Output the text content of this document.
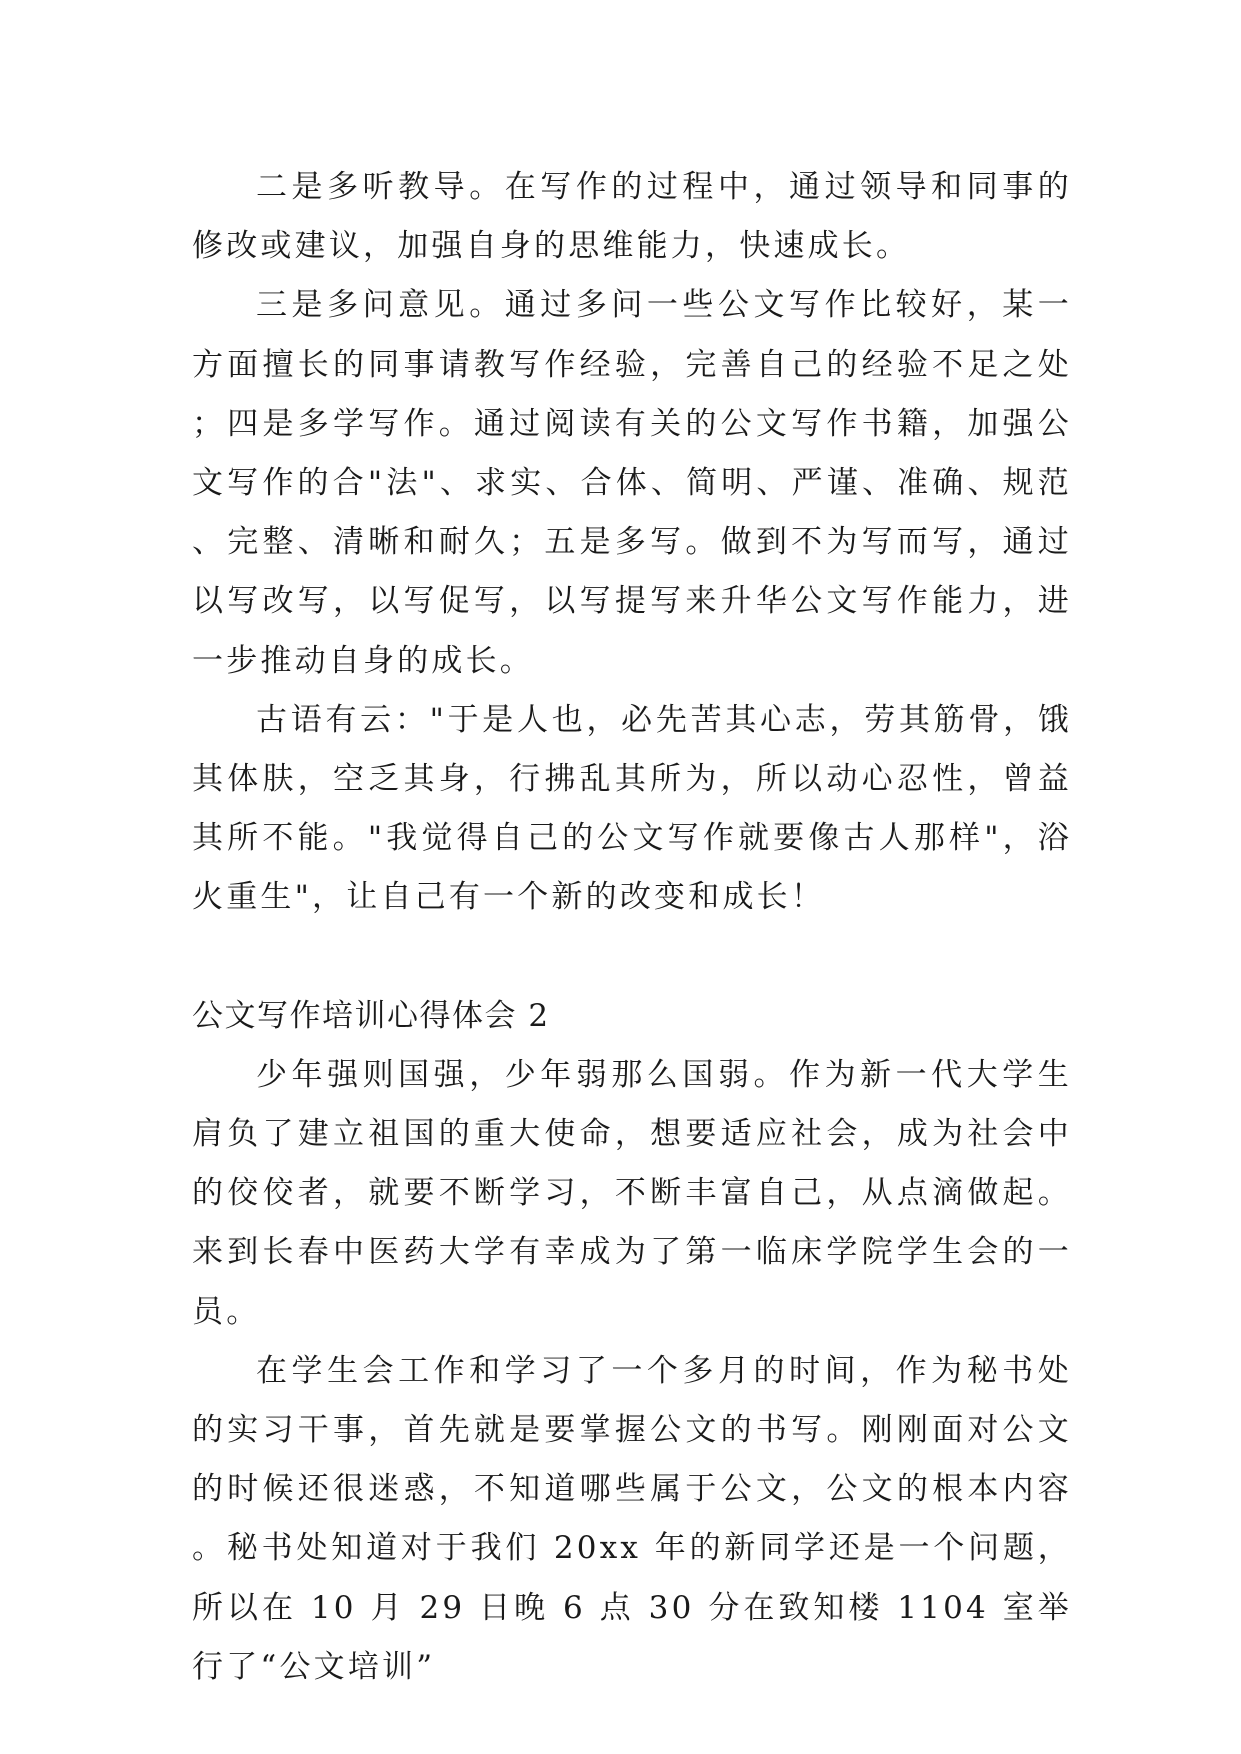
二是多听教导。在写作的过程中，通过领导和同事的修改或建议，加强自身的思维能力，快速成长。

三是多问意见。通过多问一些公文写作比较好，某一方面擅长的同事请教写作经验，完善自己的经验不足之处；四是多学写作。通过阅读有关的公文写作书籍，加强公文写作的合"法"、求实、合体、简明、严谨、准确、规范、完整、清晰和耐久；五是多写。做到不为写而写，通过以写改写，以写促写，以写提写来升华公文写作能力，进一步推动自身的成长。

古语有云："于是人也，必先苦其心志，劳其筋骨，饿其体肤，空乏其身，行拂乱其所为，所以动心忍性，曾益其所不能。"我觉得自己的公文写作就要像古人那样"，浴火重生"，让自己有一个新的改变和成长！

公文写作培训心得体会 2

少年强则国强，少年弱那么国弱。作为新一代大学生肩负了建立祖国的重大使命，想要适应社会，成为社会中的佼佼者，就要不断学习，不断丰富自己，从点滴做起。来到长春中医药大学有幸成为了第一临床学院学生会的一员。

在学生会工作和学习了一个多月的时间，作为秘书处的实习干事，首先就是要掌握公文的书写。刚刚面对公文的时候还很迷惑，不知道哪些属于公文，公文的根本内容。秘书处知道对于我们 20xx 年的新同学还是一个问题，所以在 10 月 29 日晚 6 点 30 分在致知楼 1104 室举行了“公文培训”
